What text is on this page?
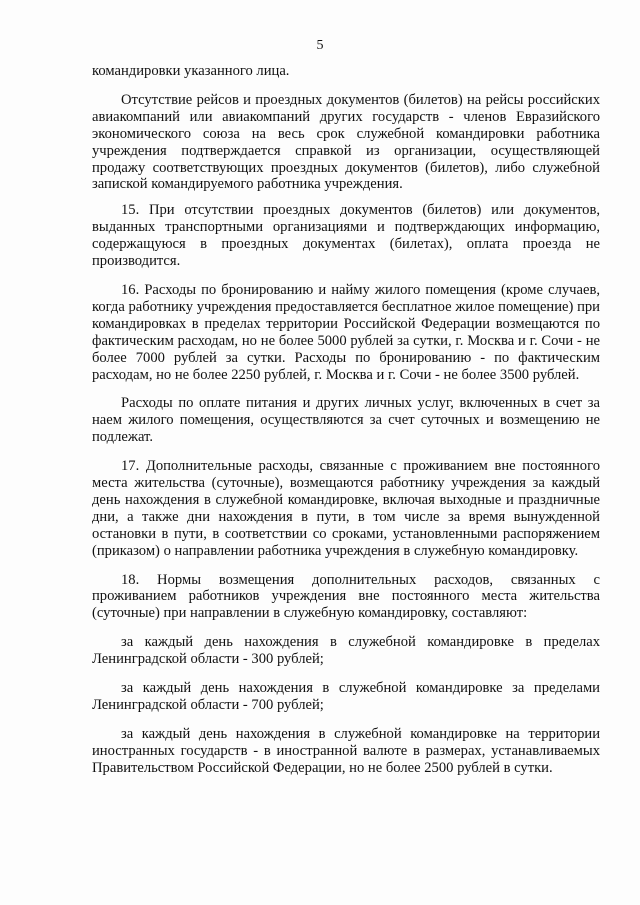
5

командировки указанного лица.

Отсутствие рейсов и проездных документов (билетов) на рейсы российских авиакомпаний или авиакомпаний других государств - членов Евразийского экономического союза на весь срок служебной командировки работника учреждения подтверждается справкой из организации, осуществляющей продажу соответствующих проездных документов (билетов), либо служебной запиской командируемого работника учреждения.

15. При отсутствии проездных документов (билетов) или документов, выданных транспортными организациями и подтверждающих информацию, содержащуюся в проездных документах (билетах), оплата проезда не производится.

16. Расходы по бронированию и найму жилого помещения (кроме случаев, когда работнику учреждения предоставляется бесплатное жилое помещение) при командировках в пределах территории Российской Федерации возмещаются по фактическим расходам, но не более 5000 рублей за сутки, г. Москва и г. Сочи - не более 7000 рублей за сутки. Расходы по бронированию - по фактическим расходам, но не более 2250 рублей, г. Москва и г. Сочи - не более 3500 рублей.

Расходы по оплате питания и других личных услуг, включенных в счет за наем жилого помещения, осуществляются за счет суточных и возмещению не подлежат.

17. Дополнительные расходы, связанные с проживанием вне постоянного места жительства (суточные), возмещаются работнику учреждения за каждый день нахождения в служебной командировке, включая выходные и праздничные дни, а также дни нахождения в пути, в том числе за время вынужденной остановки в пути, в соответствии со сроками, установленными распоряжением (приказом) о направлении работника учреждения в служебную командировку.

18. Нормы возмещения дополнительных расходов, связанных с проживанием работников учреждения вне постоянного места жительства (суточные) при направлении в служебную командировку, составляют:

за каждый день нахождения в служебной командировке в пределах Ленинградской области - 300 рублей;

за каждый день нахождения в служебной командировке за пределами Ленинградской области - 700 рублей;

за каждый день нахождения в служебной командировке на территории иностранных государств - в иностранной валюте в размерах, устанавливаемых Правительством Российской Федерации, но не более 2500 рублей в сутки.
